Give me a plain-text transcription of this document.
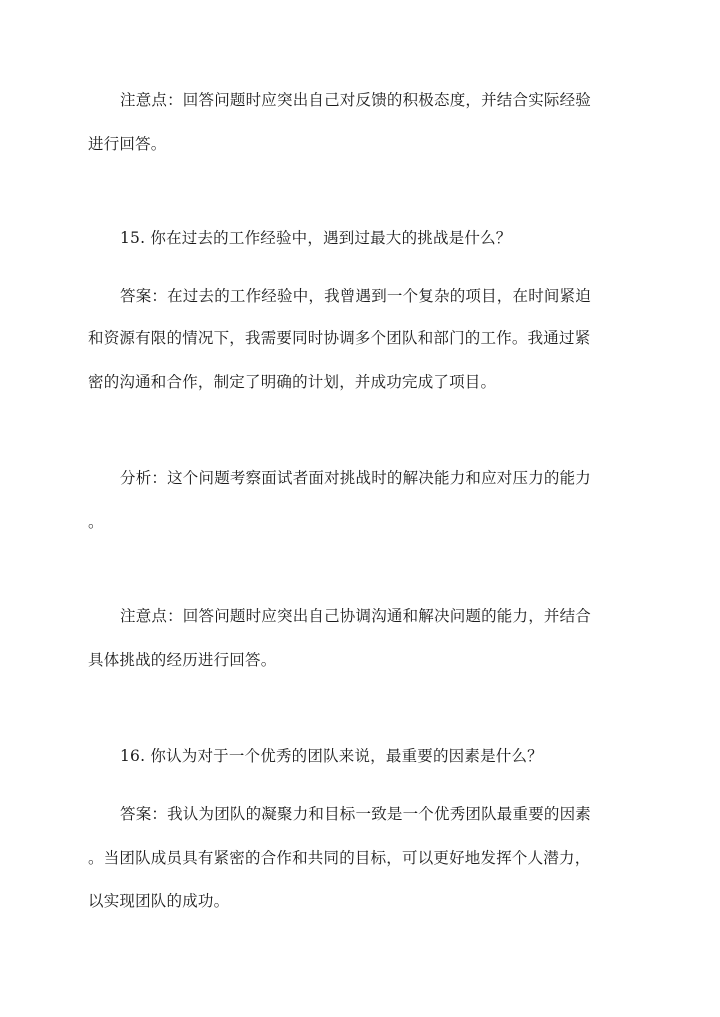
注意点：回答问题时应突出自己对反馈的积极态度，并结合实际经验
进行回答。
15. 你在过去的工作经验中，遇到过最大的挑战是什么？
答案：在过去的工作经验中，我曾遇到一个复杂的项目，在时间紧迫
和资源有限的情况下，我需要同时协调多个团队和部门的工作。我通过紧
密的沟通和合作，制定了明确的计划，并成功完成了项目。
分析：这个问题考察面试者面对挑战时的解决能力和应对压力的能力
。
注意点：回答问题时应突出自己协调沟通和解决问题的能力，并结合
具体挑战的经历进行回答。
16. 你认为对于一个优秀的团队来说，最重要的因素是什么？
答案：我认为团队的凝聚力和目标一致是一个优秀团队最重要的因素
。当团队成员具有紧密的合作和共同的目标，可以更好地发挥个人潜力，
以实现团队的成功。
